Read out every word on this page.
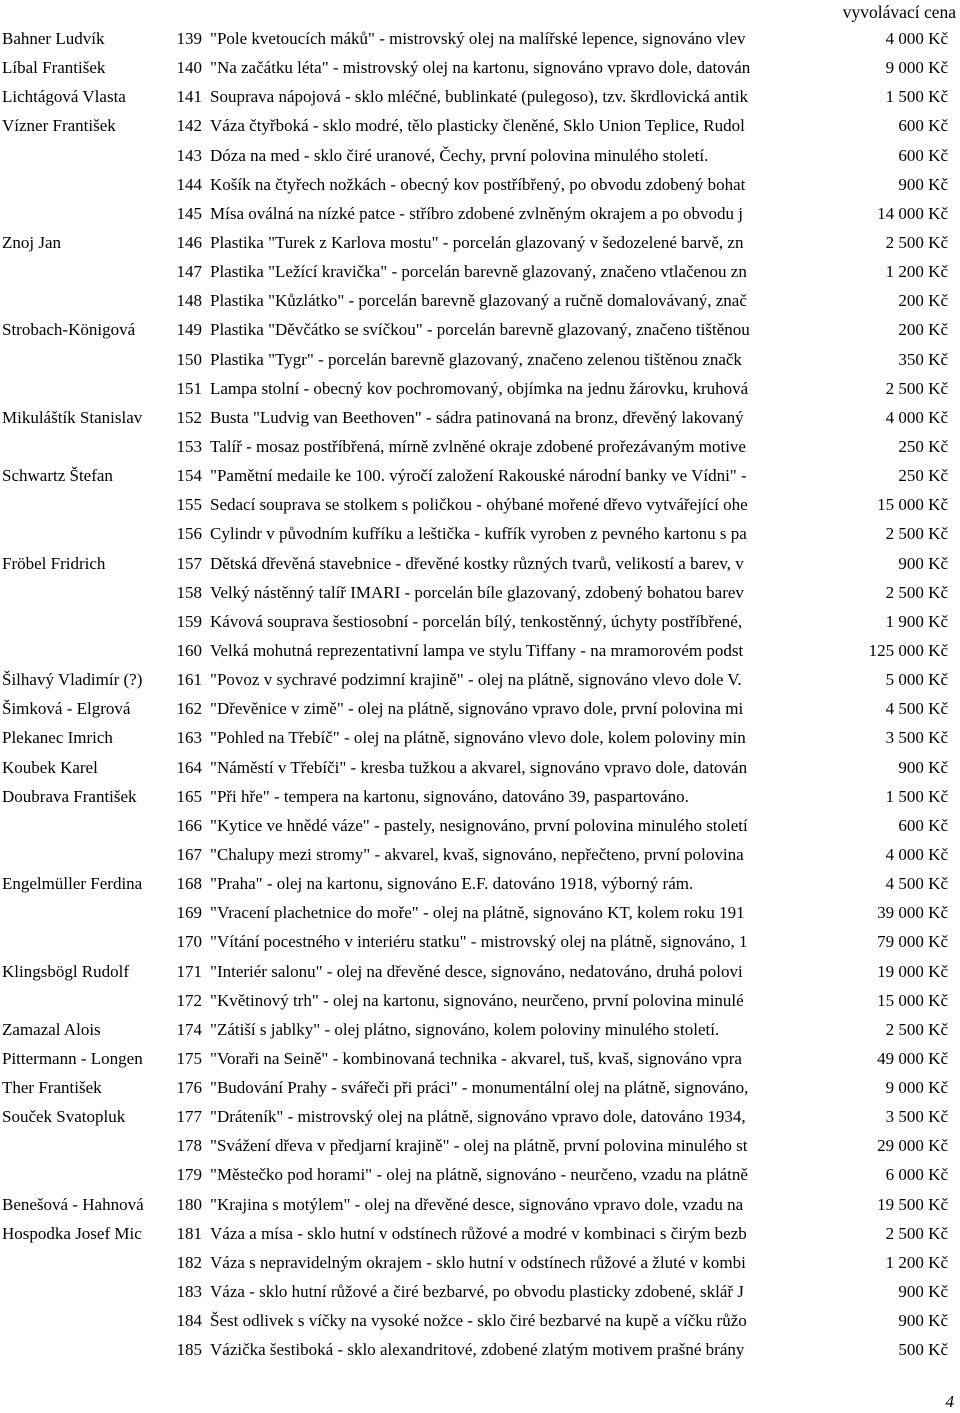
vyvolávací cena
Bahner Ludvík	139 "Pole kvetoucích máků" - mistrovský olej na malířské lepence, signováno vlev	4 000 Kč
Líbal František	140 "Na začátku léta" - mistrovský olej na kartonu, signováno vpravo dole, datován	9 000 Kč
Lichtágová Vlasta	141 Souprava nápojová - sklo mléčné, bublinkaté (pulegoso), tzv. škrdlovická antik	1 500 Kč
Vízner František	142 Váza čtyřboká - sklo modré, tělo plasticky členěné, Sklo Union Teplice, Rudol	600 Kč
143 Dóza na med - sklo čiré uranové, Čechy, první polovina minulého století.	600 Kč
144 Košík na čtyřech nožkách - obecný kov postříbřený, po obvodu zdobený bohat	900 Kč
145 Mísa oválná na nízké patce - stříbro zdobené zvlněným okrajem a po obvodu j	14 000 Kč
Znoj Jan	146 Plastika "Turek z Karlova mostu" - porcelán glazovaný v šedozelené barvě, zn	2 500 Kč
147 Plastika "Ležící kravička" - porcelán barevně glazovaný, značeno vtlačenou zn	1 200 Kč
148 Plastika "Kůzlátko" - porcelán barevně glazovaný a ručně domalovávaný, znač	200 Kč
Strobach-Königová	149 Plastika "Děvčátko se svíčkou" - porcelán barevně glazovaný, značeno tištěnou	200 Kč
150 Plastika "Tygr" - porcelán barevně glazovaný, značeno zelenou tištěnou značk	350 Kč
151 Lampa stolní - obecný kov pochromovaný, objímka na jednu žárovku, kruhová	2 500 Kč
Mikuláštík Stanislav	152 Busta "Ludvig van Beethoven" - sádra patinovaná na bronz, dřevěný lakovaný	4 000 Kč
153 Talíř - mosaz postříbřená, mírně zvlněné okraje zdobené prořezávaným motive	250 Kč
Schwartz Štefan	154 "Pamětní medaile ke 100. výročí založení Rakouské národní banky ve Vídni" -	250 Kč
155 Sedací souprava se stolkem s poličkou - ohýbané mořené dřevo vytvářející ohe	15 000 Kč
156 Cylindr v původním kufříku a leštička - kufřík vyroben z pevného kartonu s pa	2 500 Kč
Fröbel Fridrich	157 Dětská dřevěná stavebnice - dřevěné kostky různých tvarů, velikostí a barev, v	900 Kč
158 Velký nástěnný talíř IMARI - porcelán bíle glazovaný, zdobený bohatou barev	2 500 Kč
159 Kávová souprava šestiosobní - porcelán bílý, tenkostěnný, úchyty postříbřené,	1 900 Kč
160 Velká mohutná reprezentativní lampa ve stylu Tiffany - na mramorovém podst	125 000 Kč
Šilhavý Vladimír (?)	161 "Povoz v sychravé podzimní krajině" - olej na plátně, signováno vlevo dole V.	5 000 Kč
Šimková - Elgrová	162 "Dřevěnice v zimě" - olej na plátně, signováno vpravo dole, první polovina mi	4 500 Kč
Plekanec Imrich	163 "Pohled na Třebíč" - olej na plátně, signováno vlevo dole, kolem poloviny min	3 500 Kč
Koubek Karel	164 "Náměstí v Třebíči" - kresba tužkou a akvarel, signováno vpravo dole, datován	900 Kč
Doubrava František	165 "Při hře" - tempera na kartonu, signováno, datováno 39, paspartováno.	1 500 Kč
166 "Kytice ve hnědé váze" - pastely, nesignováno, první polovina minulého století	600 Kč
167 "Chalupy mezi stromy" - akvarel, kvaš, signováno, nepřečteno, první polovina	4 000 Kč
Engelmüller Ferdina	168 "Praha" - olej na kartonu, signováno E.F. datováno 1918, výborný rám.	4 500 Kč
169 "Vracení plachetnice do moře" - olej na plátně, signováno KT, kolem roku 191	39 000 Kč
170 "Vítání pocestného v interiéru statku" - mistrovský olej na plátně, signováno, 1	79 000 Kč
Klingsbögl Rudolf	171 "Interiér salonu" - olej na dřevěné desce, signováno, nedatováno, druhá polovi	19 000 Kč
172 "Květinový trh" - olej na kartonu, signováno, neurčeno, první polovina minulé	15 000 Kč
Zamazal Alois	174 "Zátiší s jablky" - olej plátno, signováno, kolem poloviny minulého století.	2 500 Kč
Pittermann - Longen	175 "Voraři na Seině" - kombinovaná technika - akvarel, tuš, kvaš, signováno vpra	49 000 Kč
Ther František	176 "Budování Prahy - svářeči při práci" - monumentální olej na plátně, signováno,	9 000 Kč
Souček Svatopluk	177 "Dráteník" - mistrovský olej na plátně, signováno vpravo dole, datováno 1934,	3 500 Kč
178 "Svážení dřeva v předjarní krajině" - olej na plátně, první polovina minulého st	29 000 Kč
179 "Městečko pod horami" - olej na plátně, signováno - neurčeno, vzadu na plátně	6 000 Kč
Benešová - Hahnová	180 "Krajina s motýlem" - olej na dřevěné desce, signováno vpravo dole, vzadu na	19 500 Kč
Hospodka Josef Mic	181 Váza a mísa - sklo hutní v odstínech růžové a modré v kombinaci s čirým bezb	2 500 Kč
182 Váza s nepravidelným okrajem - sklo hutní v odstínech růžové a žluté v kombi	1 200 Kč
183 Váza - sklo hutní růžové a čiré bezbarvé, po obvodu plasticky zdobené, sklář J	900 Kč
184 Šest odlivek s víčky na vysoké nožce - sklo čiré bezbarvé na kupě a víčku růžo	900 Kč
185 Vázička šestiboká - sklo alexandritové, zdobené zlatým motivem prašné brány	500 Kč
4
